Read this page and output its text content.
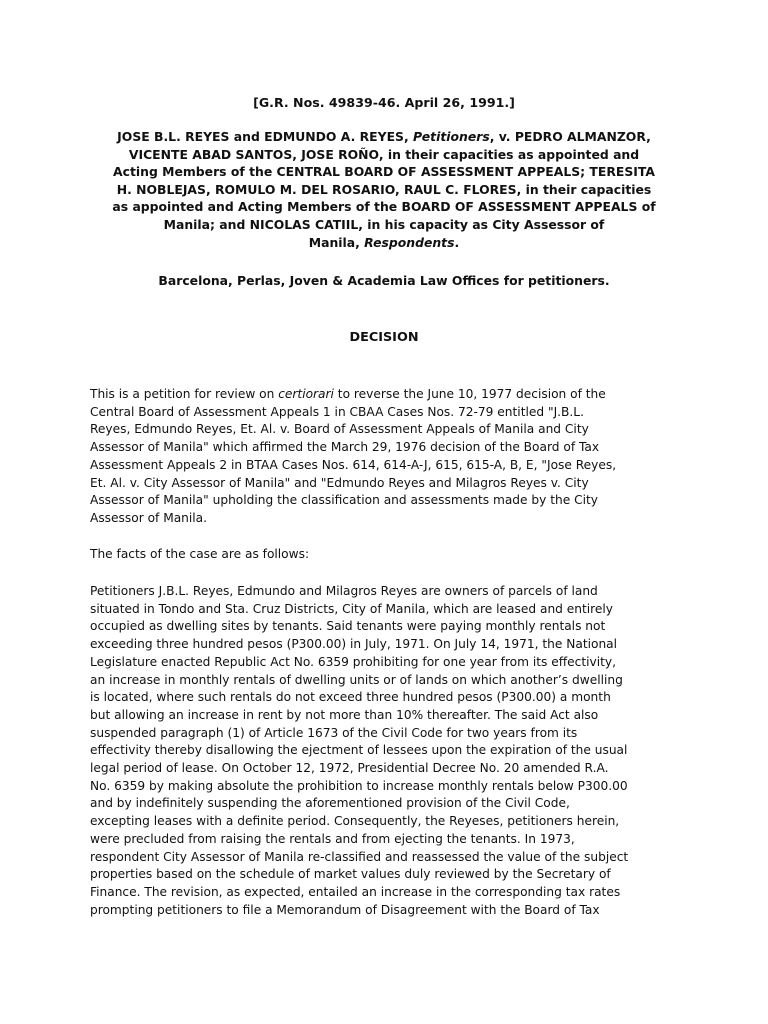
[G.R. Nos. 49839-46. April 26, 1991.]

JOSE B.L. REYES and EDMUNDO A. REYES, Petitioners, v. PEDRO ALMANZOR,
VICENTE ABAD SANTOS, JOSE ROÑO, in their capacities as appointed and
Acting Members of the CENTRAL BOARD OF ASSESSMENT APPEALS; TERESITA
H. NOBLEJAS, ROMULO M. DEL ROSARIO, RAUL C. FLORES, in their capacities
as appointed and Acting Members of the BOARD OF ASSESSMENT APPEALS of
Manila; and NICOLAS CATIIL, in his capacity as City Assessor of
Manila, Respondents.

Barcelona, Perlas, Joven & Academia Law Offices for petitioners.

DECISION

This is a petition for review on certiorari to reverse the June 10, 1977 decision of the
Central Board of Assessment Appeals 1 in CBAA Cases Nos. 72-79 entitled "J.B.L.
Reyes, Edmundo Reyes, Et. Al. v. Board of Assessment Appeals of Manila and City
Assessor of Manila" which affirmed the March 29, 1976 decision of the Board of Tax
Assessment Appeals 2 in BTAA Cases Nos. 614, 614-A-J, 615, 615-A, B, E, "Jose Reyes,
Et. Al. v. City Assessor of Manila" and "Edmundo Reyes and Milagros Reyes v. City
Assessor of Manila" upholding the classification and assessments made by the City
Assessor of Manila.

The facts of the case are as follows:

Petitioners J.B.L. Reyes, Edmundo and Milagros Reyes are owners of parcels of land
situated in Tondo and Sta. Cruz Districts, City of Manila, which are leased and entirely
occupied as dwelling sites by tenants. Said tenants were paying monthly rentals not
exceeding three hundred pesos (P300.00) in July, 1971. On July 14, 1971, the National
Legislature enacted Republic Act No. 6359 prohibiting for one year from its effectivity,
an increase in monthly rentals of dwelling units or of lands on which another’s dwelling
is located, where such rentals do not exceed three hundred pesos (P300.00) a month
but allowing an increase in rent by not more than 10% thereafter. The said Act also
suspended paragraph (1) of Article 1673 of the Civil Code for two years from its
effectivity thereby disallowing the ejectment of lessees upon the expiration of the usual
legal period of lease. On October 12, 1972, Presidential Decree No. 20 amended R.A.
No. 6359 by making absolute the prohibition to increase monthly rentals below P300.00
and by indefinitely suspending the aforementioned provision of the Civil Code,
excepting leases with a definite period. Consequently, the Reyeses, petitioners herein,
were precluded from raising the rentals and from ejecting the tenants. In 1973,
respondent City Assessor of Manila re-classified and reassessed the value of the subject
properties based on the schedule of market values duly reviewed by the Secretary of
Finance. The revision, as expected, entailed an increase in the corresponding tax rates
prompting petitioners to file a Memorandum of Disagreement with the Board of Tax
